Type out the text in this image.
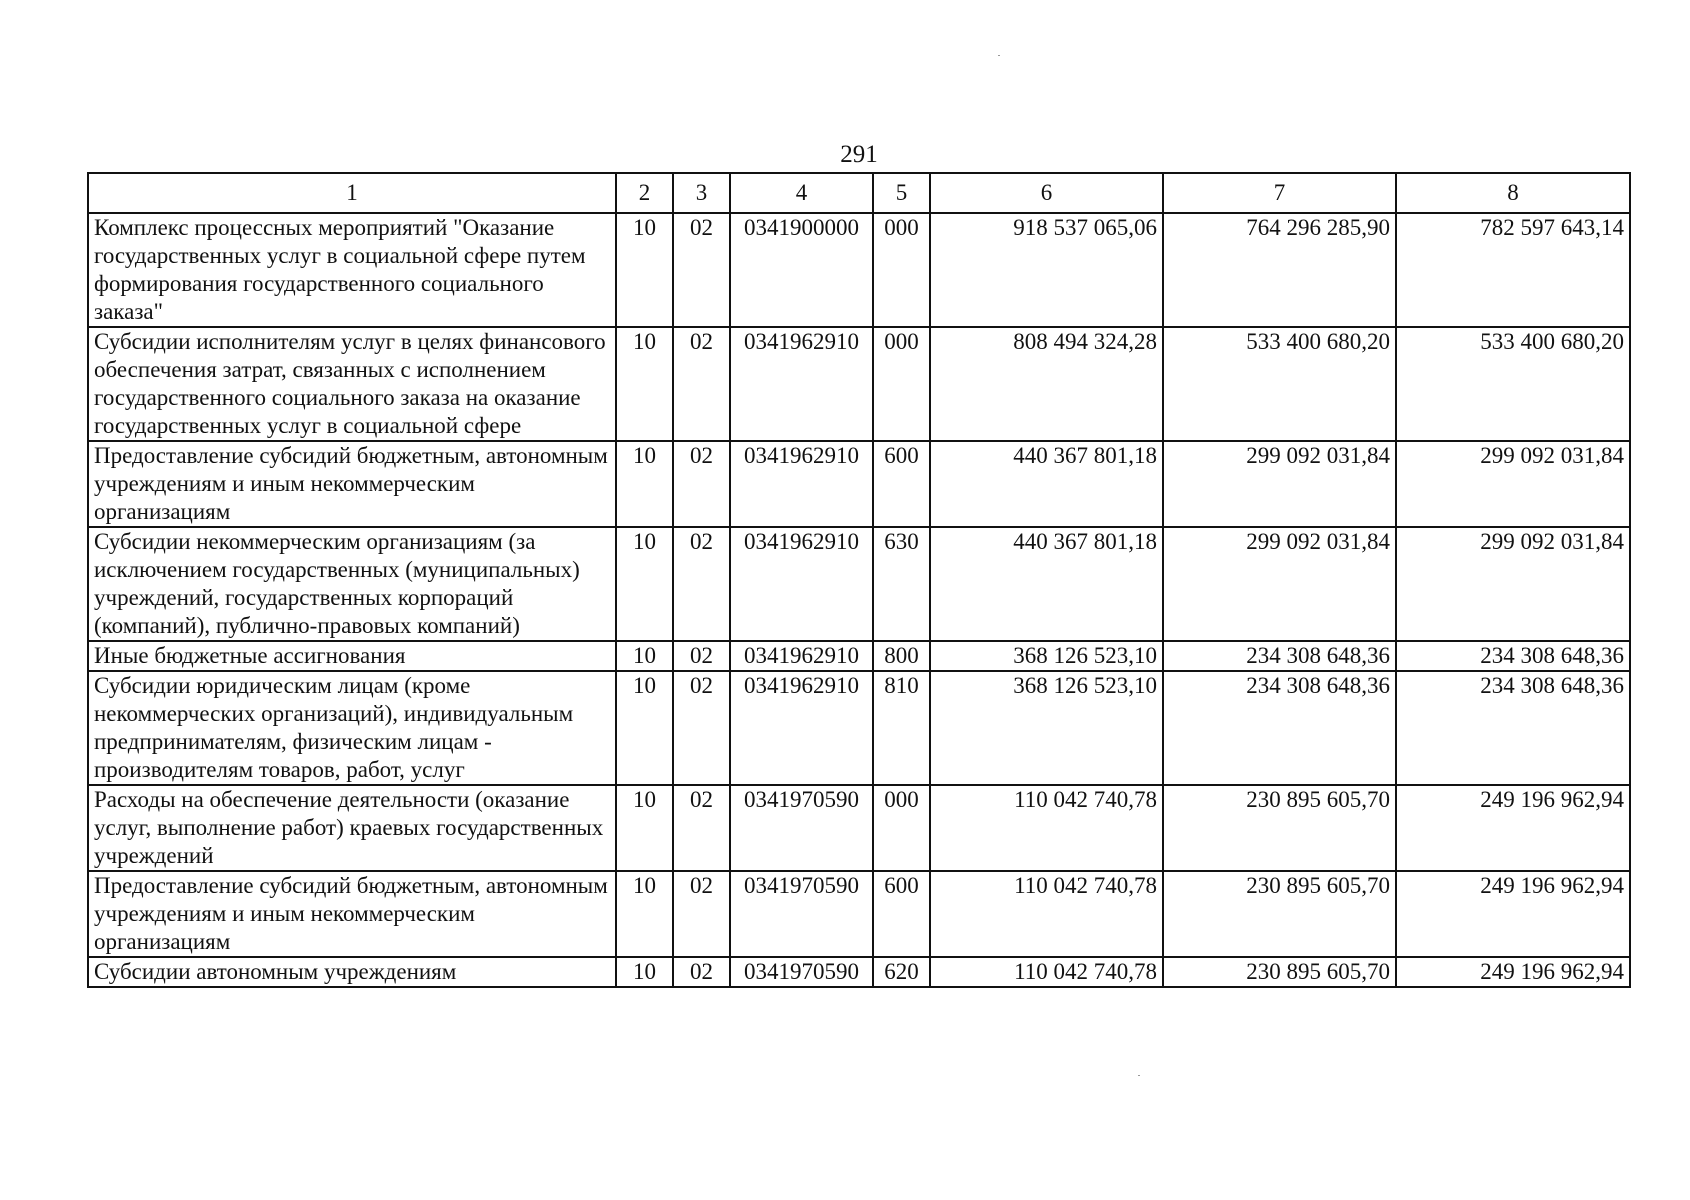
291
1	2	3	4	5	6	7	8
Комплекс процессных мероприятий "Оказание государственных услуг в социальной сфере путем формирования государственного социального заказа"	10	02	0341900000	000	918 537 065,06	764 296 285,90	782 597 643,14
Субсидии исполнителям услуг в целях финансового обеспечения затрат, связанных с исполнением государственного социального заказа на оказание государственных услуг в социальной сфере	10	02	0341962910	000	808 494 324,28	533 400 680,20	533 400 680,20
Предоставление субсидий бюджетным, автономным учреждениям и иным некоммерческим организациям	10	02	0341962910	600	440 367 801,18	299 092 031,84	299 092 031,84
Субсидии некоммерческим организациям (за исключением государственных (муниципальных) учреждений, государственных корпораций (компаний), публично-правовых компаний)	10	02	0341962910	630	440 367 801,18	299 092 031,84	299 092 031,84
Иные бюджетные ассигнования	10	02	0341962910	800	368 126 523,10	234 308 648,36	234 308 648,36
Субсидии юридическим лицам (кроме некоммерческих организаций), индивидуальным предпринимателям, физическим лицам - производителям товаров, работ, услуг	10	02	0341962910	810	368 126 523,10	234 308 648,36	234 308 648,36
Расходы на обеспечение деятельности (оказание услуг, выполнение работ) краевых государственных учреждений	10	02	0341970590	000	110 042 740,78	230 895 605,70	249 196 962,94
Предоставление субсидий бюджетным, автономным учреждениям и иным некоммерческим организациям	10	02	0341970590	600	110 042 740,78	230 895 605,70	249 196 962,94
Субсидии автономным учреждениям	10	02	0341970590	620	110 042 740,78	230 895 605,70	249 196 962,94
